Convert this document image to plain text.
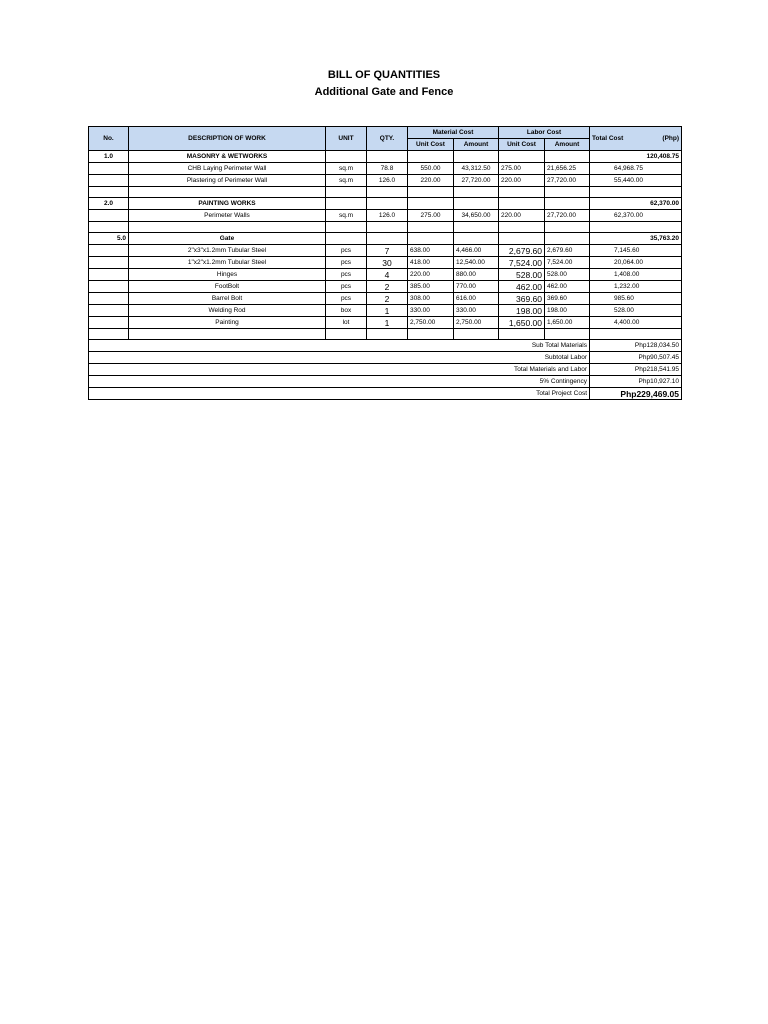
BILL OF QUANTITIES
Additional Gate and Fence
No.	DESCRIPTION OF WORK	UNIT	QTY.	Material Cost		Labor Cost		Total Cost (Php)

				Unit Cost	Amount	Unit Cost	Amount	
1.0	MASONRY & WETWORKS							120,408.75
	CHB Laying Perimeter Wall	sq.m	78.8	550.00	43,312.50	275.00	21,656.25	64,968.75
	Plastering of Perimeter Wall	sq.m	126.0	220.00	27,720.00	220.00	27,720.00	55,440.00

2.0	PAINTING WORKS							62,370.00
	Perimeter Walls	sq.m	126.0	275.00	34,650.00	220.00	27,720.00	62,370.00

5.0	Gate							35,763.20
	2"x3"x1.2mm Tubular Steel	pcs	7	638.00	4,466.00	2,679.60	2,679.60	7,145.60
	1"x2"x1.2mm Tubular Steel	pcs	30	418.00	12,540.00	7,524.00	7,524.00	20,064.00
	Hinges	pcs	4	220.00	880.00	528.00	528.00	1,408.00
	FootBolt	pcs	2	385.00	770.00	462.00	462.00	1,232.00
	Barrel Bolt	pcs	2	308.00	616.00	369.60	369.60	985.60
	Welding Rod	box	1	330.00	330.00	198.00	198.00	528.00
	Painting	lot	1	2,750.00	2,750.00	1,650.00	1,650.00	4,400.00

Sub Total Materials								Php128,034.50
Subtotal Labor								Php90,507.45
Total Materials and Labor								Php218,541.95
5% Contingency								Php10,927.10
Total Project Cost								Php229,469.05
